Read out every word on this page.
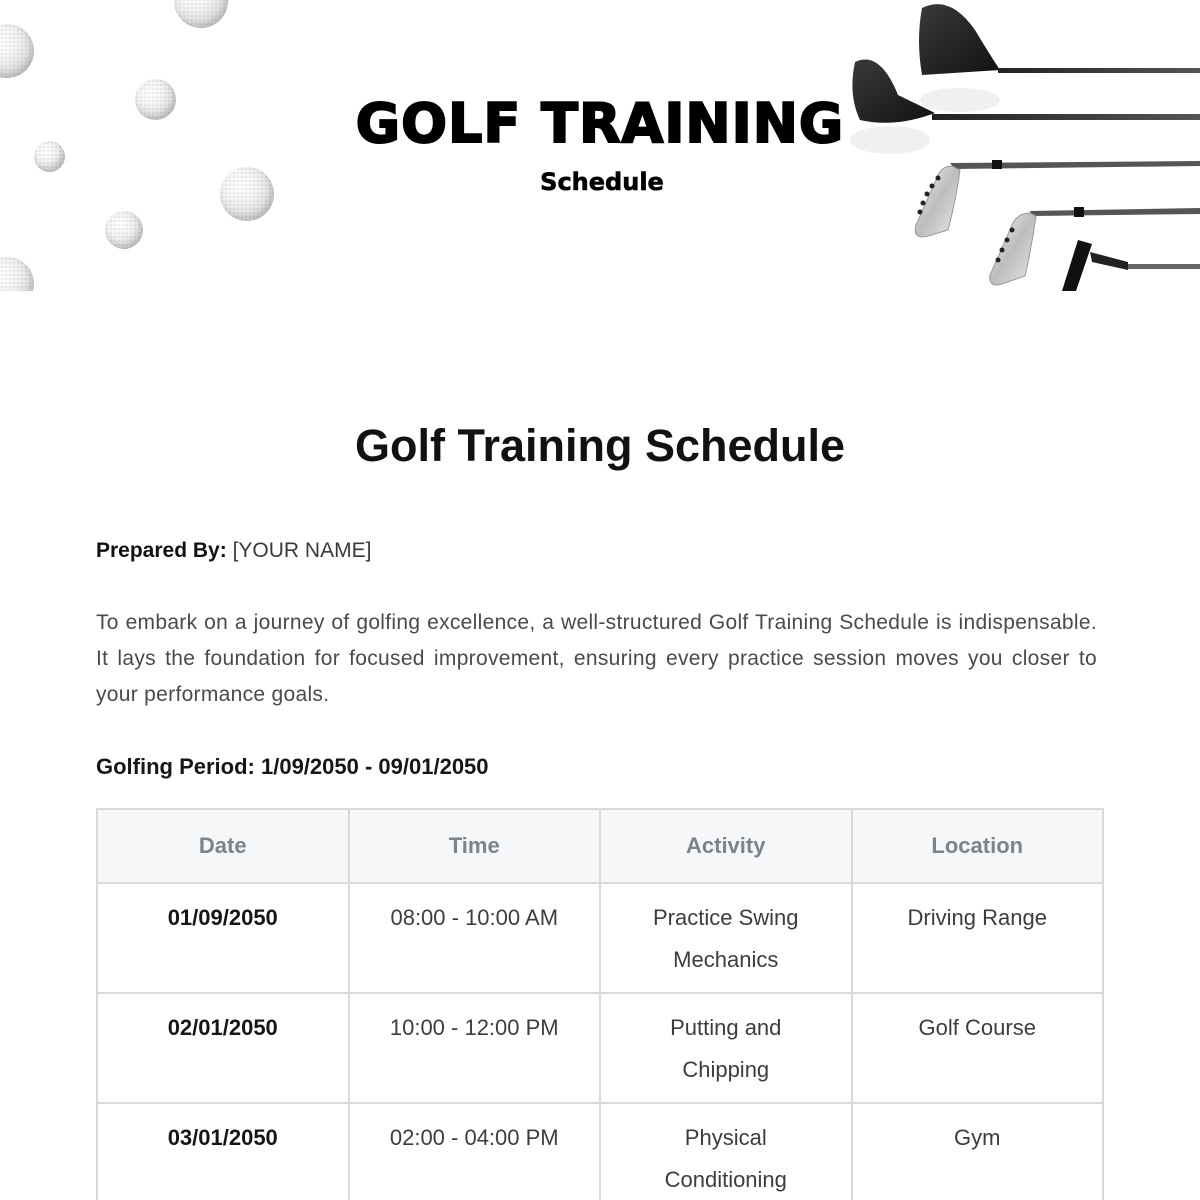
GOLF TRAINING
Schedule
Golf Training Schedule
Prepared By: [YOUR NAME]

To embark on a journey of golfing excellence, a well-structured Golf Training Schedule is indispensable. It lays the foundation for focused improvement, ensuring every practice session moves you closer to your performance goals.

Golfing Period: 1/09/2050 - 09/01/2050
Date	Time	Activity	Location
01/09/2050	08:00 - 10:00 AM	Practice Swing Mechanics	Driving Range
02/01/2050	10:00 - 12:00 PM	Putting and Chipping	Golf Course
03/01/2050	02:00 - 04:00 PM	Physical Conditioning	Gym
